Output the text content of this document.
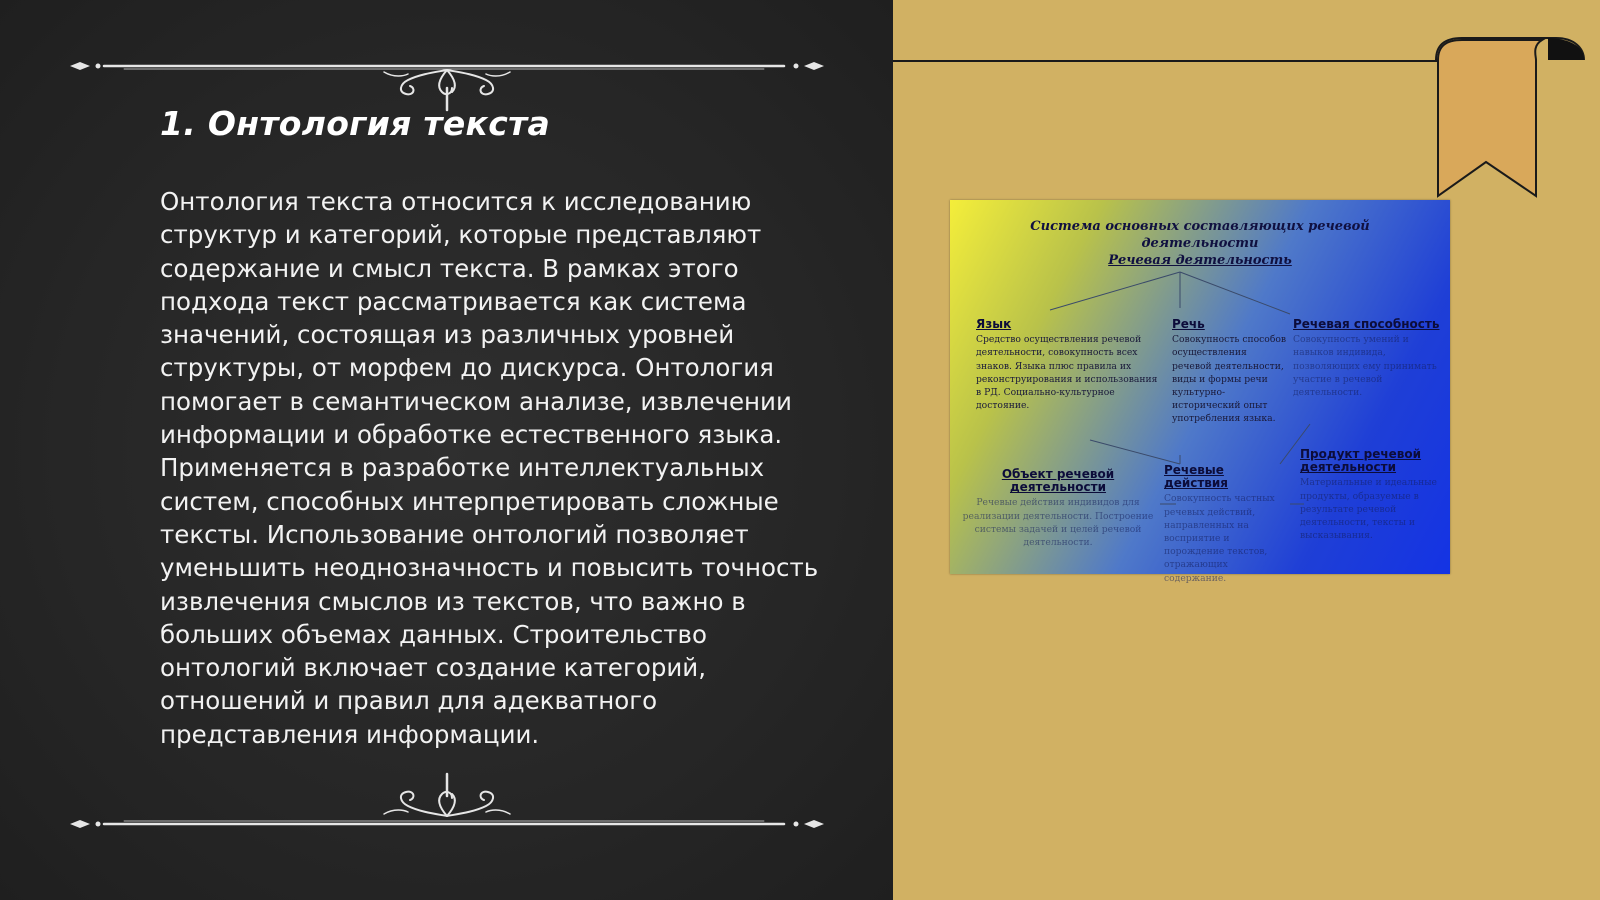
1. Онтология текста

Онтология текста относится к исследованию структур и категорий, которые представляют содержание и смысл текста. В рамках этого подхода текст рассматривается как система значений, состоящая из различных уровней структуры, от морфем до дискурса. Онтология помогает в семантическом анализе, извлечении информации и обработке естественного языка. Применяется в разработке интеллектуальных систем, способных интерпретировать сложные тексты. Использование онтологий позволяет уменьшить неоднозначность и повысить точность извлечения смыслов из текстов, что важно в больших объемах данных. Строительство онтологий включает создание категорий, отношений и правил для адекватного представления информации.

Система основных составляющих речевой деятельности
Речевая деятельность
Язык
Средство осуществления речевой деятельности, совокупность всех знаков. Языка плюс правила их реконструирования и использования в РД. Социально-культурное достояние.
Речь
Совокупность способов осуществления речевой деятельности, виды и формы речи культурно-исторический опыт употребления языка.
Речевая способность
Совокупность умений и навыков индивида, позволяющих ему принимать участие в речевой деятельности.
Объект речевой деятельности
Речевые действия индивидов для реализации деятельности. Построение системы задачей и целей речевой деятельности.
Речевые действия
Совокупность частных речевых действий, направленных на восприятие и порождение текстов, отражающих содержание.
Продукт речевой деятельности
Материальные и идеальные продукты, образуемые в результате речевой деятельности, тексты и высказывания.
